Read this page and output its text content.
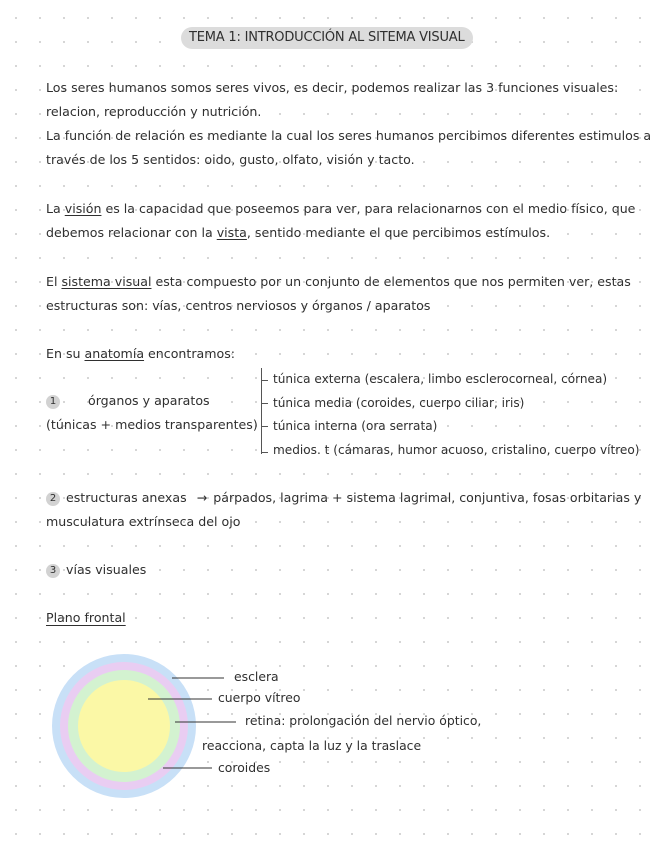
TEMA 1: INTRODUCCIÓN AL SITEMA VISUAL
Los seres humanos somos seres vivos, es decir, podemos realizar las 3 funciones visuales:
relacion, reproducción y nutrición.
La función de relación es mediante la cual los seres humanos percibimos diferentes estimulos a
través de los 5 sentidos: oido, gusto, olfato, visión y tacto.
La visión es la capacidad que poseemos para ver, para relacionarnos con el medio físico, que
debemos relacionar con la vista, sentido mediante el que percibimos estímulos.
El sistema visual esta compuesto por un conjunto de elementos que nos permiten ver, estas
estructuras son: vías, centros nerviosos y órganos / aparatos
En su anatomía encontramos:
1	órganos y aparatos
(túnicas + medios transparentes)
túnica externa (escalera, limbo esclerocorneal, córnea)
túnica media (coroides, cuerpo ciliar, iris)
túnica interna (ora serrata)
medios. t (cámaras, humor acuoso, cristalino, cuerpo vítreo)
2 estructuras anexas → párpados, lagrima + sistema lagrimal, conjuntiva, fosas orbitarias y
musculatura extrínseca del ojo
3 vías visuales
Plano frontal
esclera
cuerpo vítreo
retina: prolongación del nervio óptico,
reacciona, capta la luz y la traslace
coroides
